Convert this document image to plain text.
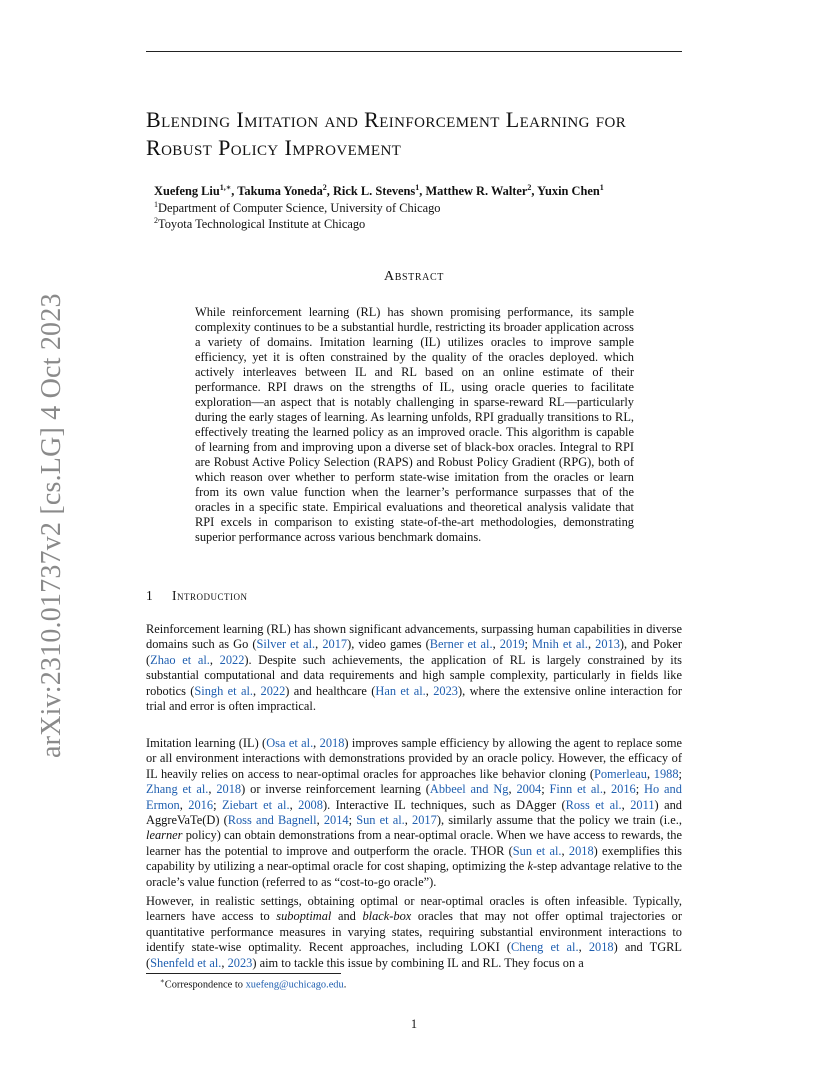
arXiv:2310.01737v2 [cs.LG] 4 Oct 2023
Blending Imitation and Reinforcement Learning for Robust Policy Improvement
Xuefeng Liu$^{1,∗}$, Takuma Yoneda$^2$, Rick L. Stevens$^1$, Matthew R. Walter$^2$, Yuxin Chen$^1$
$^1$Department of Computer Science, University of Chicago
$^2$Toyota Technological Institute at Chicago
Abstract
While reinforcement learning (RL) has shown promising performance, its sample complexity continues to be a substantial hurdle, restricting its broader application across a variety of domains. Imitation learning (IL) utilizes oracles to improve sample efficiency, yet it is often constrained by the quality of the oracles deployed. which actively interleaves between IL and RL based on an online estimate of their performance. RPI draws on the strengths of IL, using oracle queries to facilitate exploration—an aspect that is notably challenging in sparse-reward RL—particularly during the early stages of learning. As learning unfolds, RPI gradually transitions to RL, effectively treating the learned policy as an improved oracle. This algorithm is capable of learning from and improving upon a diverse set of black-box oracles. Integral to RPI are Robust Active Policy Selection (RAPS) and Robust Policy Gradient (RPG), both of which reason over whether to perform state-wise imitation from the oracles or learn from its own value function when the learner’s performance surpasses that of the oracles in a specific state. Empirical evaluations and theoretical analysis validate that RPI excels in comparison to existing state-of-the-art methodologies, demonstrating superior performance across various benchmark domains.
1 Introduction
Reinforcement learning (RL) has shown significant advancements, surpassing human capabilities in diverse domains such as Go (Silver et al., 2017), video games (Berner et al., 2019; Mnih et al., 2013), and Poker (Zhao et al., 2022). Despite such achievements, the application of RL is largely constrained by its substantial computational and data requirements and high sample complexity, particularly in fields like robotics (Singh et al., 2022) and healthcare (Han et al., 2023), where the extensive online interaction for trial and error is often impractical.
Imitation learning (IL) (Osa et al., 2018) improves sample efficiency by allowing the agent to replace some or all environment interactions with demonstrations provided by an oracle policy. However, the efficacy of IL heavily relies on access to near-optimal oracles for approaches like behavior cloning (Pomerleau, 1988; Zhang et al., 2018) or inverse reinforcement learning (Abbeel and Ng, 2004; Finn et al., 2016; Ho and Ermon, 2016; Ziebart et al., 2008). Interactive IL techniques, such as DAgger (Ross et al., 2011) and AggreVaTe(D) (Ross and Bagnell, 2014; Sun et al., 2017), similarly assume that the policy we train (i.e., learner policy) can obtain demonstrations from a near-optimal oracle. When we have access to rewards, the learner has the potential to improve and outperform the oracle. THOR (Sun et al., 2018) exemplifies this capability by utilizing a near-optimal oracle for cost shaping, optimizing the k-step advantage relative to the oracle’s value function (referred to as “cost-to-go oracle”).
However, in realistic settings, obtaining optimal or near-optimal oracles is often infeasible. Typically, learners have access to suboptimal and black-box oracles that may not offer optimal trajectories or quantitative performance measures in varying states, requiring substantial environment interactions to identify state-wise optimality. Recent approaches, including LOKI (Cheng et al., 2018) and TGRL (Shenfeld et al., 2023) aim to tackle this issue by combining IL and RL. They focus on a
∗Correspondence to xuefeng@uchicago.edu.
1
